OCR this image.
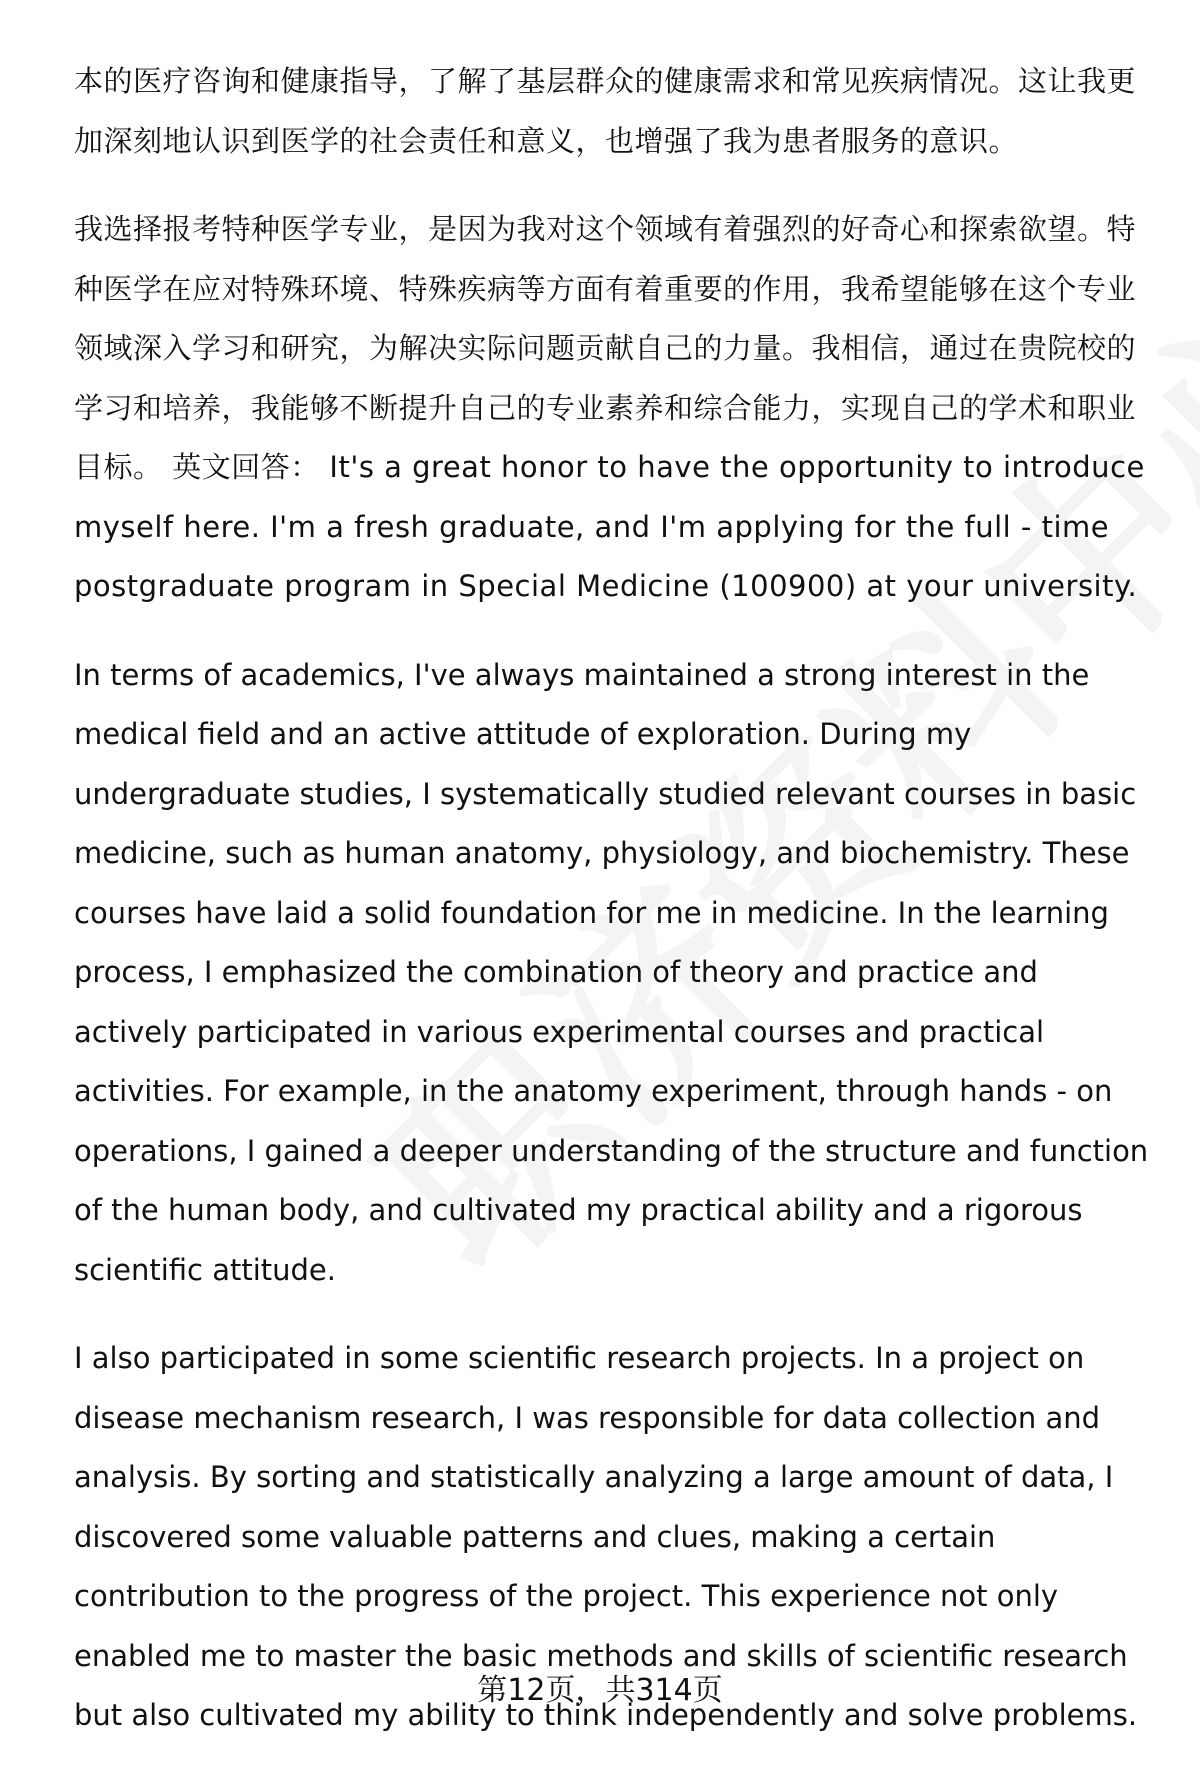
本的医疗咨询和健康指导，了解了基层群众的健康需求和常见疾病情况。这让我更加深刻地认识到医学的社会责任和意义，也增强了我为患者服务的意识。

我选择报考特种医学专业，是因为我对这个领域有着强烈的好奇心和探索欲望。特种医学在应对特殊环境、特殊疾病等方面有着重要的作用，我希望能够在这个专业领域深入学习和研究，为解决实际问题贡献自己的力量。我相信，通过在贵院校的学习和培养，我能够不断提升自己的专业素养和综合能力，实现自己的学术和职业目标。 英文回答： It's a great honor to have the opportunity to introduce myself here. I'm a fresh graduate, and I'm applying for the full - time postgraduate program in Special Medicine (100900) at your university.

In terms of academics, I've always maintained a strong interest in the medical field and an active attitude of exploration. During my undergraduate studies, I systematically studied relevant courses in basic medicine, such as human anatomy, physiology, and biochemistry. These courses have laid a solid foundation for me in medicine. In the learning process, I emphasized the combination of theory and practice and actively participated in various experimental courses and practical activities. For example, in the anatomy experiment, through hands - on operations, I gained a deeper understanding of the structure and function of the human body, and cultivated my practical ability and a rigorous scientific attitude.

I also participated in some scientific research projects. In a project on disease mechanism research, I was responsible for data collection and analysis. By sorting and statistically analyzing a large amount of data, I discovered some valuable patterns and clues, making a certain contribution to the progress of the project. This experience not only enabled me to master the basic methods and skills of scientific research but also cultivated my ability to think independently and solve problems.

第12页，共314页
